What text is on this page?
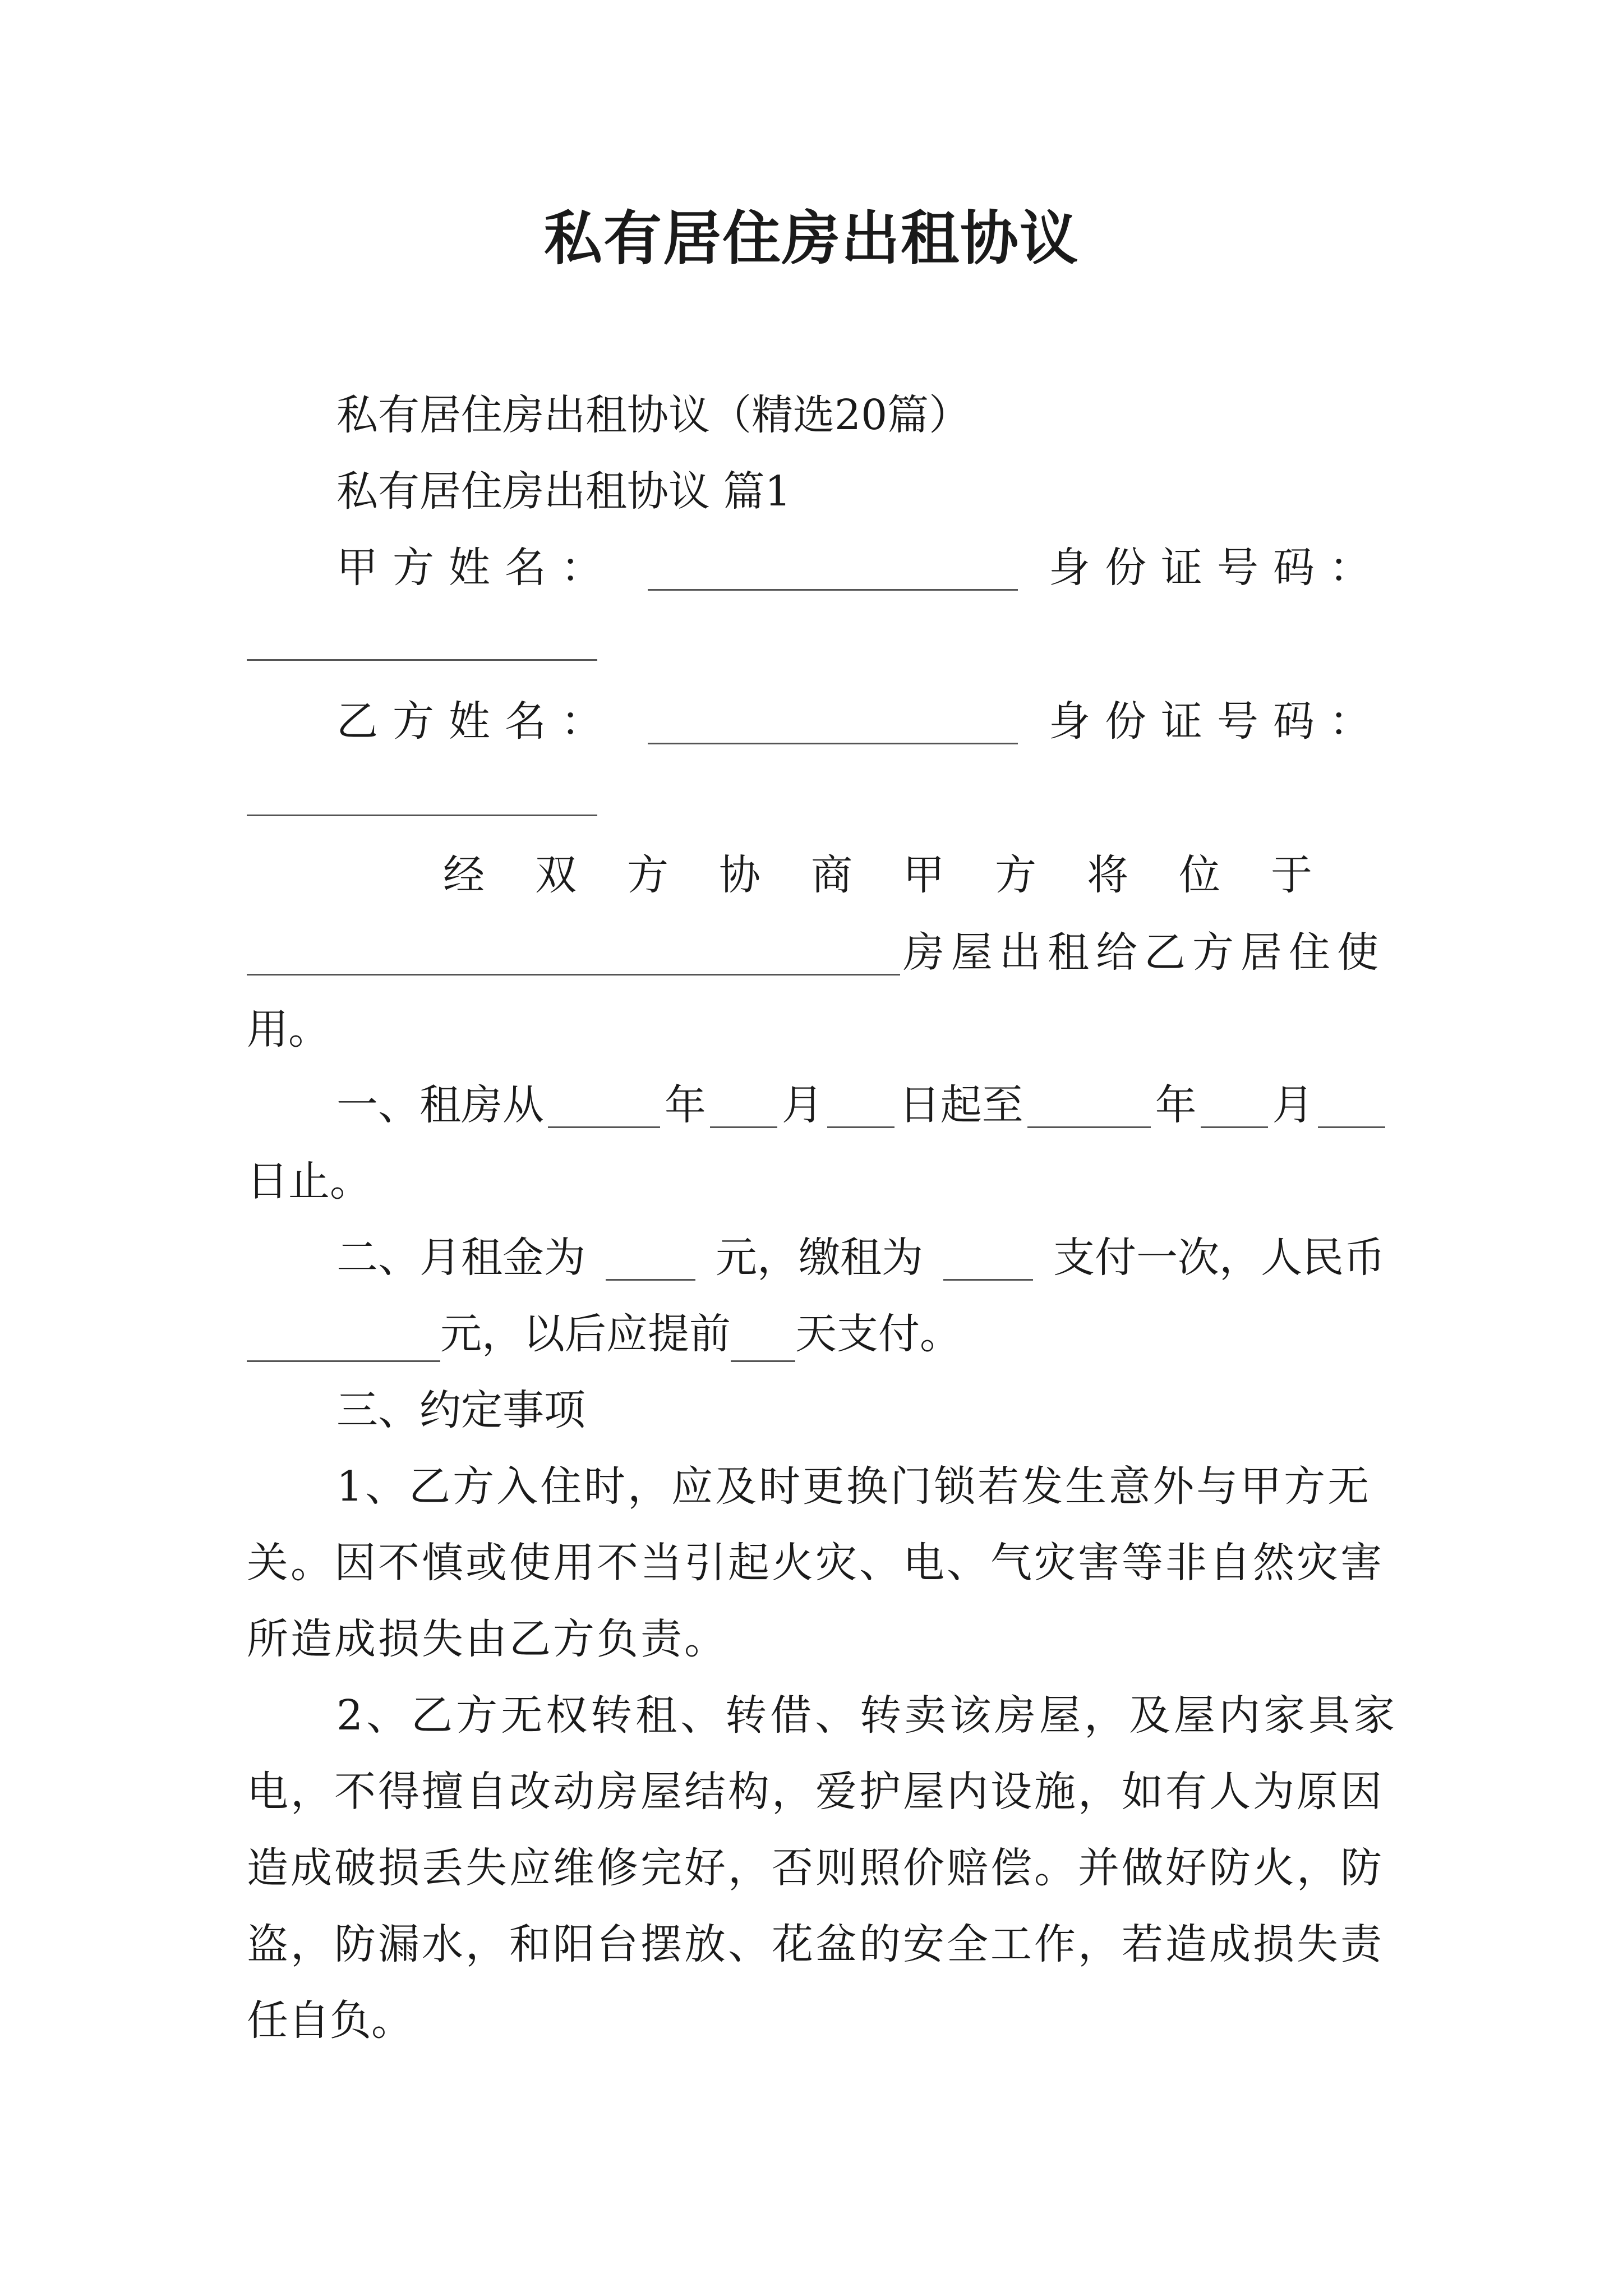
私有居住房出租协议
私有居住房出租协议（精选20篇）
私有居住房出租协议 篇1
甲方姓名：	身份证号码：
乙方姓名：	身份证号码：
经双方协商甲方将位于
房屋出租给乙方居住使
用。
一、租房从	年 月 日起至	年 月
日止。
二、月租金为	元，缴租为	支付一次，人民币
元，以后应提前 天支付。
三、约定事项
1、乙方入住时，应及时更换门锁若发生意外与甲方无
关。因不慎或使用不当引起火灾、电、气灾害等非自然灾害
所造成损失由乙方负责。
2、乙方无权转租、转借、转卖该房屋，及屋内家具家
电，不得擅自改动房屋结构，爱护屋内设施，如有人为原因
造成破损丢失应维修完好，否则照价赔偿。并做好防火，防
盗，防漏水，和阳台摆放、花盆的安全工作，若造成损失责
任自负。
